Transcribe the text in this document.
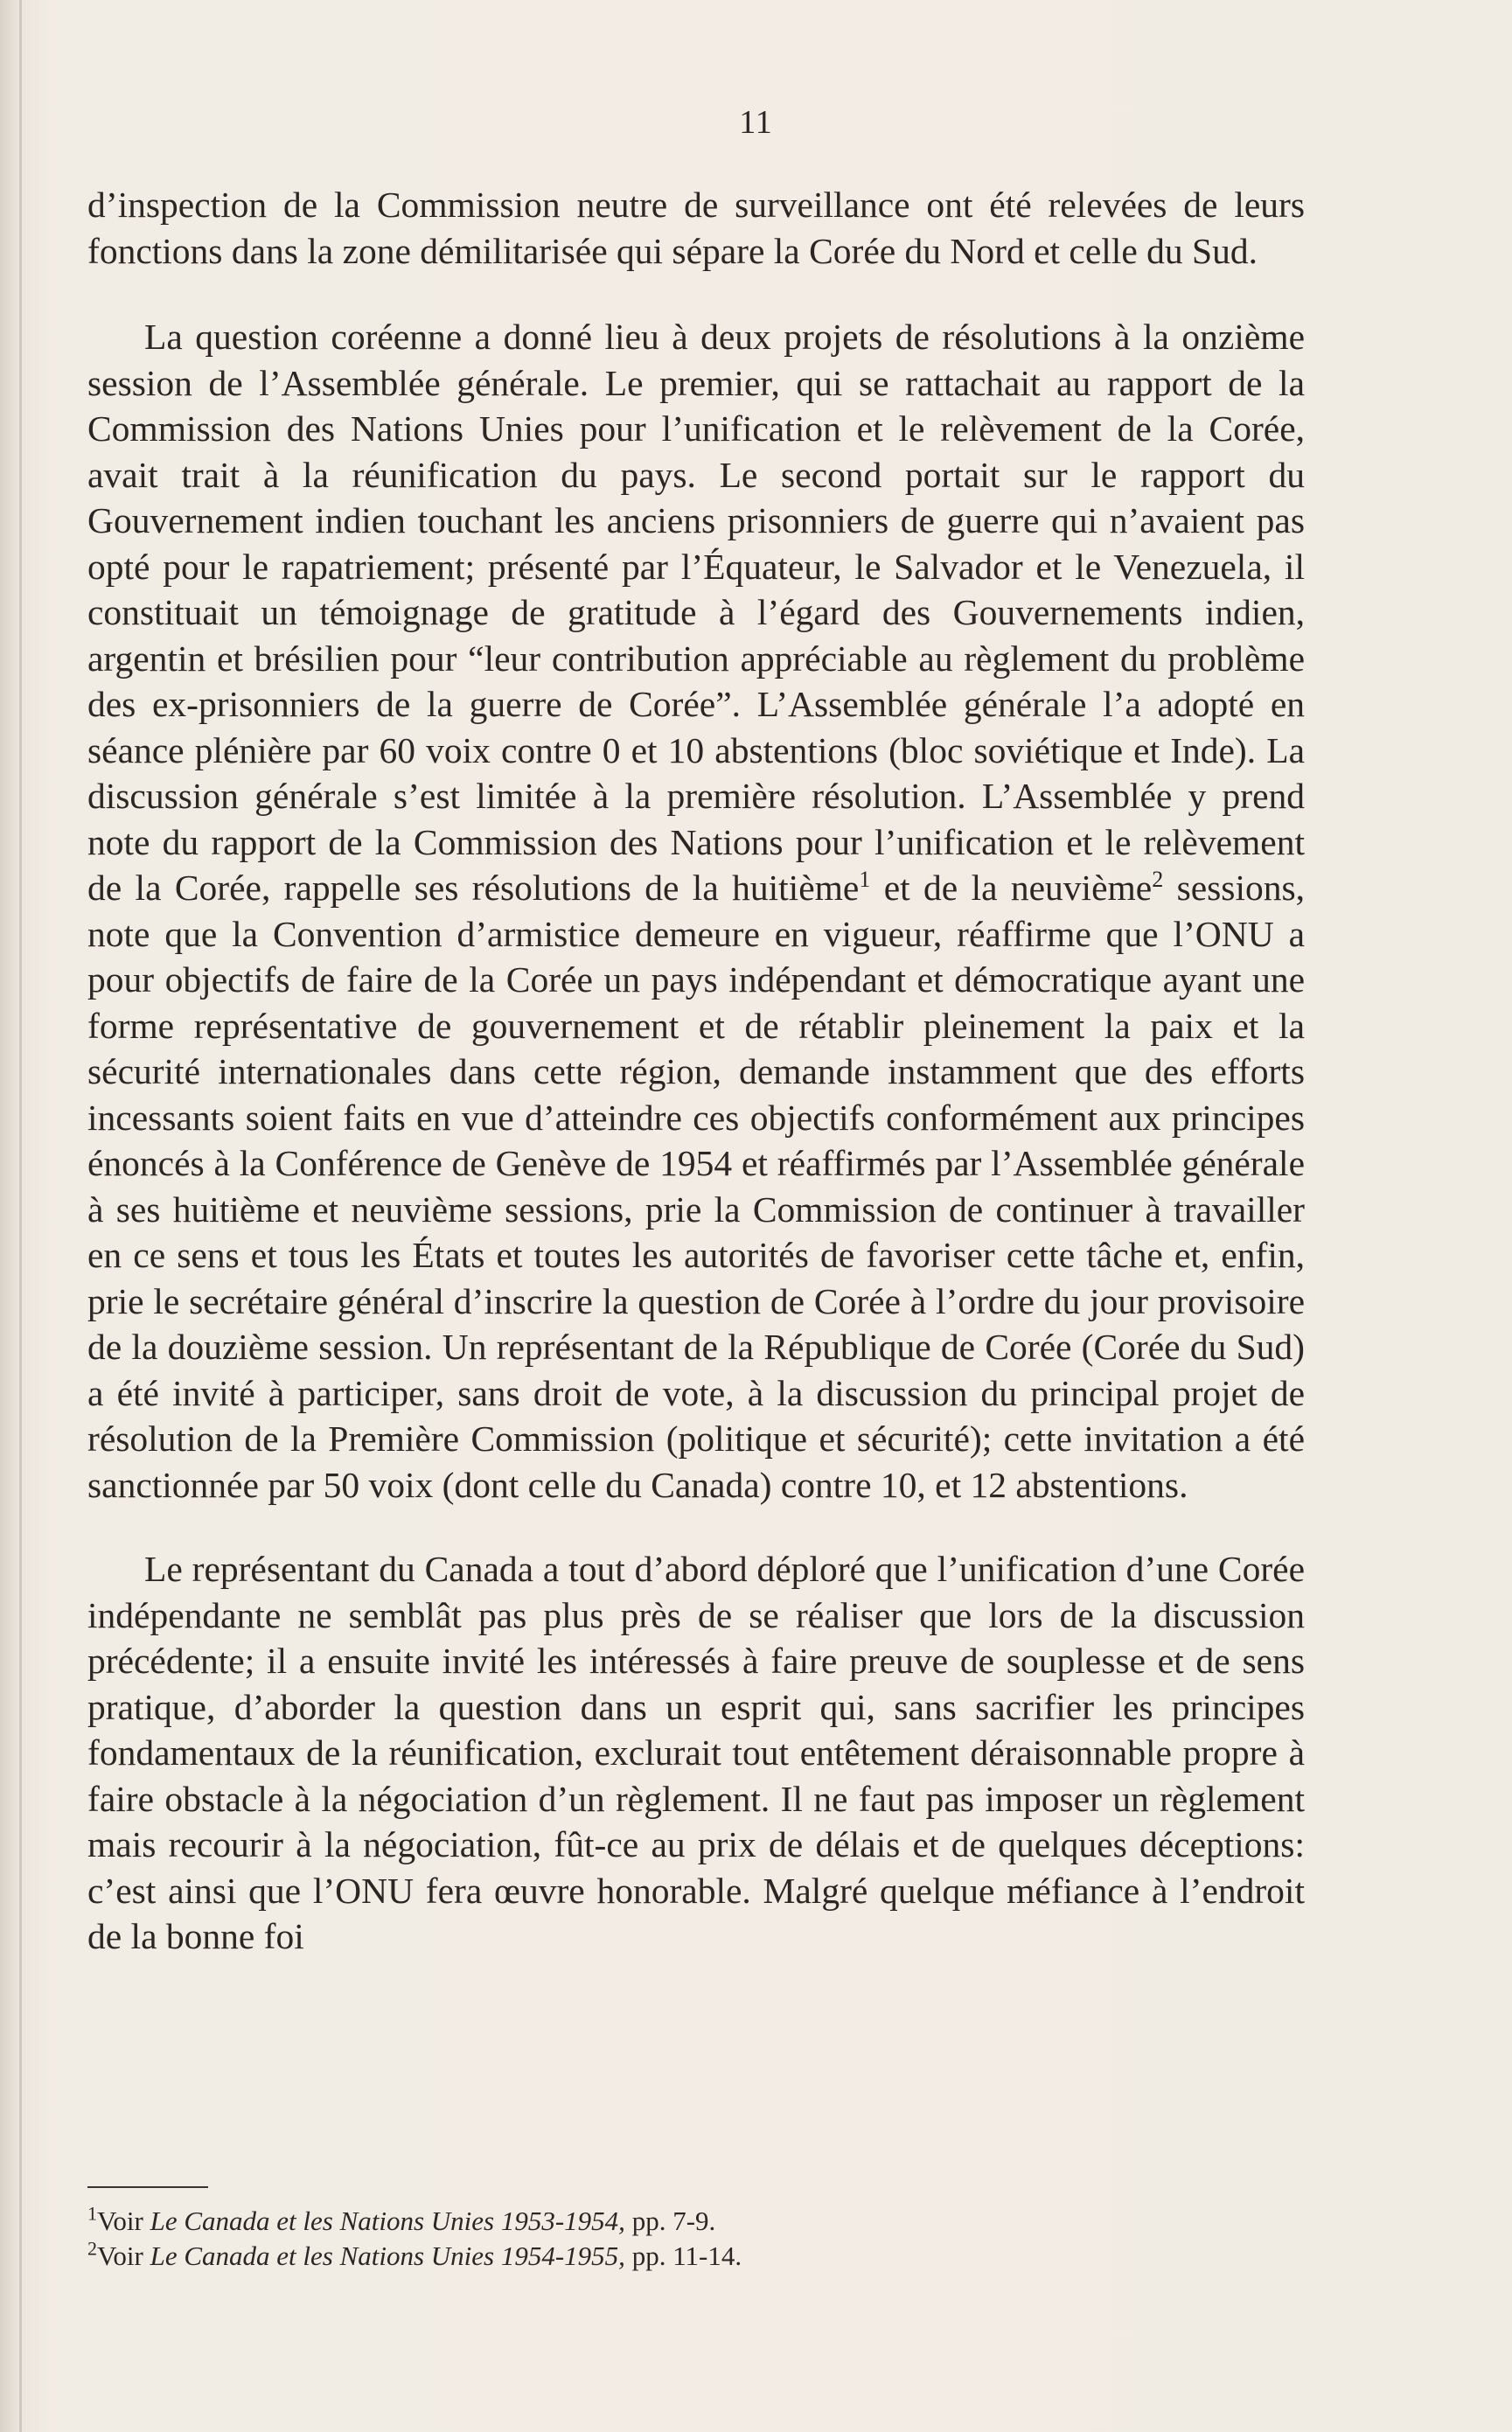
11

d’inspection de la Commission neutre de surveillance ont été relevées de leurs fonctions dans la zone démilitarisée qui sépare la Corée du Nord et celle du Sud.

La question coréenne a donné lieu à deux projets de résolutions à la onzième session de l’Assemblée générale. Le premier, qui se rattachait au rapport de la Commission des Nations Unies pour l’unification et le relèvement de la Corée, avait trait à la réunification du pays. Le second portait sur le rapport du Gouvernement indien touchant les anciens prisonniers de guerre qui n’avaient pas opté pour le rapatriement; présenté par l’Équateur, le Salvador et le Venezuela, il constituait un témoignage de gratitude à l’égard des Gouvernements indien, argentin et brésilien pour “leur contribution appréciable au règlement du problème des ex-prisonniers de la guerre de Corée”. L’Assemblée générale l’a adopté en séance plénière par 60 voix contre 0 et 10 abstentions (bloc soviétique et Inde). La discussion générale s’est limitée à la première résolution. L’Assemblée y prend note du rapport de la Commission des Nations pour l’unification et le relèvement de la Corée, rappelle ses résolutions de la huitième$^1$ et de la neuvième$^2$ sessions, note que la Convention d’armistice demeure en vigueur, réaffirme que l’ONU a pour objectifs de faire de la Corée un pays indépendant et démocratique ayant une forme représentative de gouvernement et de rétablir pleinement la paix et la sécurité internationales dans cette région, demande instamment que des efforts incessants soient faits en vue d’atteindre ces objectifs conformément aux principes énoncés à la Conférence de Genève de 1954 et réaffirmés par l’Assemblée générale à ses huitième et neuvième sessions, prie la Commission de continuer à travailler en ce sens et tous les États et toutes les autorités de favoriser cette tâche et, enfin, prie le secrétaire général d’inscrire la question de Corée à l’ordre du jour provisoire de la douzième session. Un représentant de la République de Corée (Corée du Sud) a été invité à participer, sans droit de vote, à la discussion du principal projet de résolution de la Première Commission (politique et sécurité); cette invitation a été sanctionnée par 50 voix (dont celle du Canada) contre 10, et 12 abstentions.

Le représentant du Canada a tout d’abord déploré que l’unification d’une Corée indépendante ne semblât pas plus près de se réaliser que lors de la discussion précédente; il a ensuite invité les intéressés à faire preuve de souplesse et de sens pratique, d’aborder la question dans un esprit qui, sans sacrifier les principes fondamentaux de la réunification, exclurait tout entêtement déraisonnable propre à faire obstacle à la négociation d’un règlement. Il ne faut pas imposer un règlement mais recourir à la négociation, fût-ce au prix de délais et de quelques déceptions: c’est ainsi que l’ONU fera œuvre honorable. Malgré quelque méfiance à l’endroit de la bonne foi

$^1$Voir Le Canada et les Nations Unies 1953-1954, pp. 7-9.
$^2$Voir Le Canada et les Nations Unies 1954-1955, pp. 11-14.
